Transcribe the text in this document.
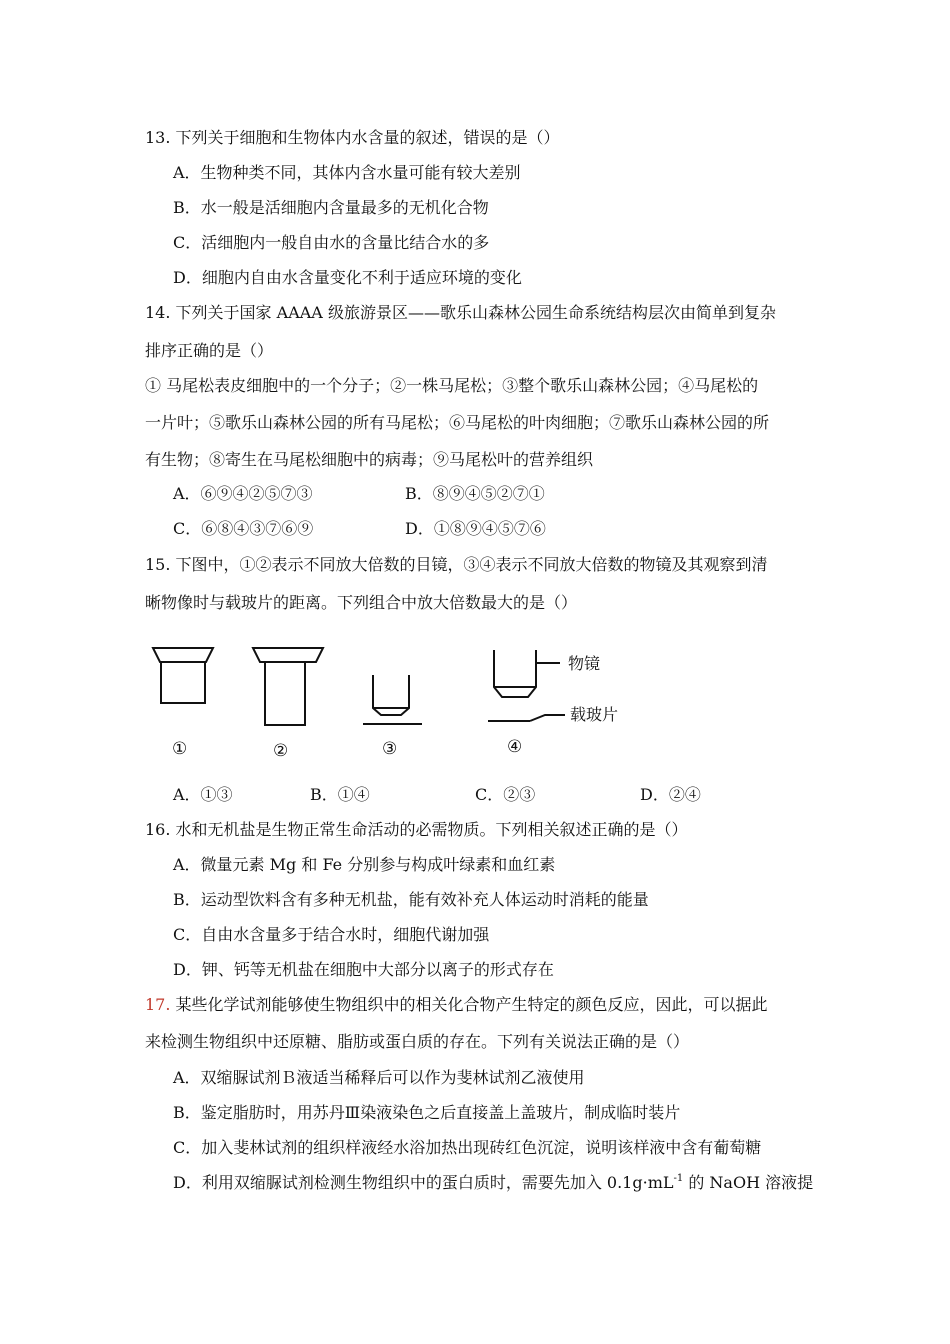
13. 下列关于细胞和生物体内水含量的叙述，错误的是（）
A．生物种类不同，其体内含水量可能有较大差别
B．水一般是活细胞内含量最多的无机化合物
C．活细胞内一般自由水的含量比结合水的多
D．细胞内自由水含量变化不利于适应环境的变化
14. 下列关于国家 AAAA 级旅游景区——歌乐山森林公园生命系统结构层次由简单到复杂
排序正确的是（）
① 马尾松表皮细胞中的一个分子；②一株马尾松；③整个歌乐山森林公园；④马尾松的
一片叶；⑤歌乐山森林公园的所有马尾松；⑥马尾松的叶肉细胞；⑦歌乐山森林公园的所
有生物；⑧寄生在马尾松细胞中的病毒；⑨马尾松叶的营养组织
A．⑥⑨④②⑤⑦③	B．⑧⑨④⑤②⑦①
C．⑥⑧④③⑦⑥⑨	D．①⑧⑨④⑤⑦⑥
15. 下图中，①②表示不同放大倍数的目镜，③④表示不同放大倍数的物镜及其观察到清
晰物像时与载玻片的距离。下列组合中放大倍数最大的是（）
物镜
载玻片
①	②	③	④
A．①③	B．①④	C．②③	D．②④
16. 水和无机盐是生物正常生命活动的必需物质。下列相关叙述正确的是（）
A．微量元素 Mg 和 Fe 分别参与构成叶绿素和血红素
B．运动型饮料含有多种无机盐，能有效补充人体运动时消耗的能量
C．自由水含量多于结合水时，细胞代谢加强
D．钾、钙等无机盐在细胞中大部分以离子的形式存在
17. 某些化学试剂能够使生物组织中的相关化合物产生特定的颜色反应，因此，可以据此
来检测生物组织中还原糖、脂肪或蛋白质的存在。下列有关说法正确的是（）
A．双缩脲试剂Ｂ液适当稀释后可以作为斐林试剂乙液使用
B．鉴定脂肪时，用苏丹Ⅲ染液染色之后直接盖上盖玻片，制成临时装片
C．加入斐林试剂的组织样液经水浴加热出现砖红色沉淀，说明该样液中含有葡萄糖
D．利用双缩脲试剂检测生物组织中的蛋白质时，需要先加入 $0.1g\cdot mL^{-1}$ 的 NaOH 溶液提
